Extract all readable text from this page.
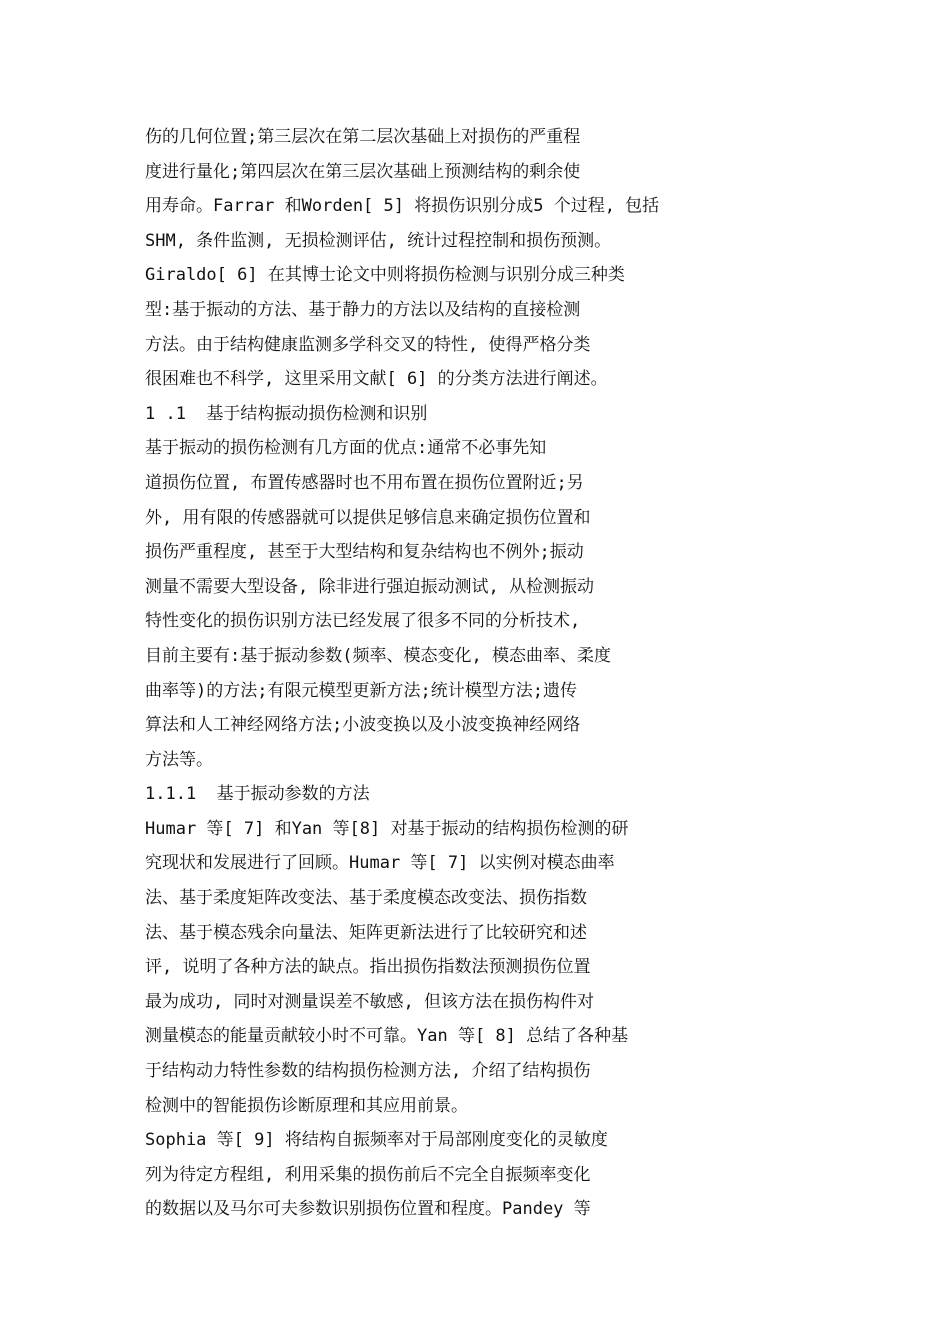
伤的几何位置;第三层次在第二层次基础上对损伤的严重程
度进行量化;第四层次在第三层次基础上预测结构的剩余使
用寿命。Farrar 和Worden[ 5] 将损伤识别分成5 个过程, 包括
SHM, 条件监测, 无损检测评估, 统计过程控制和损伤预测。
Giraldo[ 6] 在其博士论文中则将损伤检测与识别分成三种类
型:基于振动的方法、基于静力的方法以及结构的直接检测
方法。由于结构健康监测多学科交叉的特性, 使得严格分类
很困难也不科学, 这里采用文献[ 6] 的分类方法进行阐述。
1 .1  基于结构振动损伤检测和识别
基于振动的损伤检测有几方面的优点:通常不必事先知
道损伤位置, 布置传感器时也不用布置在损伤位置附近;另
外, 用有限的传感器就可以提供足够信息来确定损伤位置和
损伤严重程度, 甚至于大型结构和复杂结构也不例外;振动
测量不需要大型设备, 除非进行强迫振动测试, 从检测振动
特性变化的损伤识别方法已经发展了很多不同的分析技术,
目前主要有:基于振动参数(频率、模态变化, 模态曲率、柔度
曲率等)的方法;有限元模型更新方法;统计模型方法;遗传
算法和人工神经网络方法;小波变换以及小波变换神经网络
方法等。
1.1.1  基于振动参数的方法
Humar 等[ 7] 和Yan 等[8] 对基于振动的结构损伤检测的研
究现状和发展进行了回顾。Humar 等[ 7] 以实例对模态曲率
法、基于柔度矩阵改变法、基于柔度模态改变法、损伤指数
法、基于模态残余向量法、矩阵更新法进行了比较研究和述
评, 说明了各种方法的缺点。指出损伤指数法预测损伤位置
最为成功, 同时对测量误差不敏感, 但该方法在损伤构件对
测量模态的能量贡献较小时不可靠。Yan 等[ 8] 总结了各种基
于结构动力特性参数的结构损伤检测方法, 介绍了结构损伤
检测中的智能损伤诊断原理和其应用前景。
Sophia 等[ 9] 将结构自振频率对于局部刚度变化的灵敏度
列为待定方程组, 利用采集的损伤前后不完全自振频率变化
的数据以及马尔可夫参数识别损伤位置和程度。Pandey 等
